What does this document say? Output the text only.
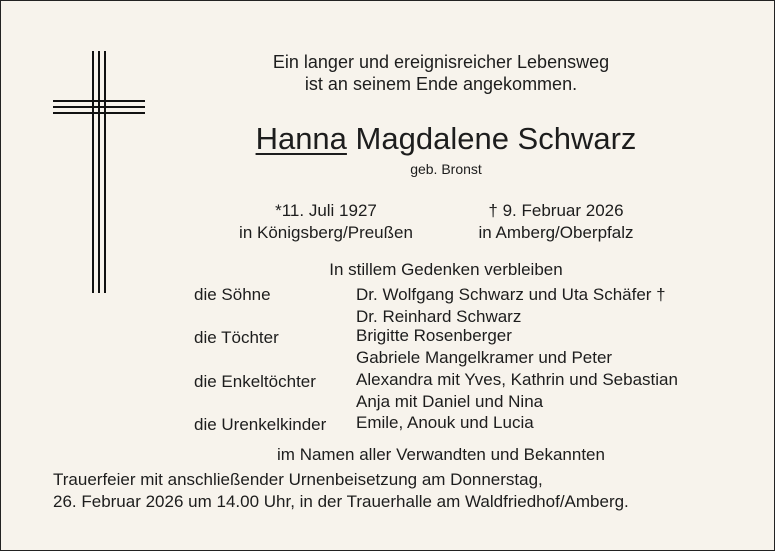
Ein langer und ereignisreicher Lebensweg
ist an seinem Ende angekommen.
Hanna Magdalene Schwarz
geb. Bronst
*11. Juli 1927
in Königsberg/Preußen
† 9. Februar 2026
in Amberg/Oberpfalz
In stillem Gedenken verbleiben
die Söhne	Dr. Wolfgang Schwarz und Uta Schäfer †
Dr. Reinhard Schwarz
die Töchter	Brigitte Rosenberger
Gabriele Mangelkramer und Peter
die Enkeltöchter Alexandra mit Yves, Kathrin und Sebastian
Anja mit Daniel und Nina
die Urenkelkinder Emile, Anouk und Lucia
im Namen aller Verwandten und Bekannten
Trauerfeier mit anschließender Urnenbeisetzung am Donnerstag,
26. Februar 2026 um 14.00 Uhr, in der Trauerhalle am Waldfriedhof/Amberg.
